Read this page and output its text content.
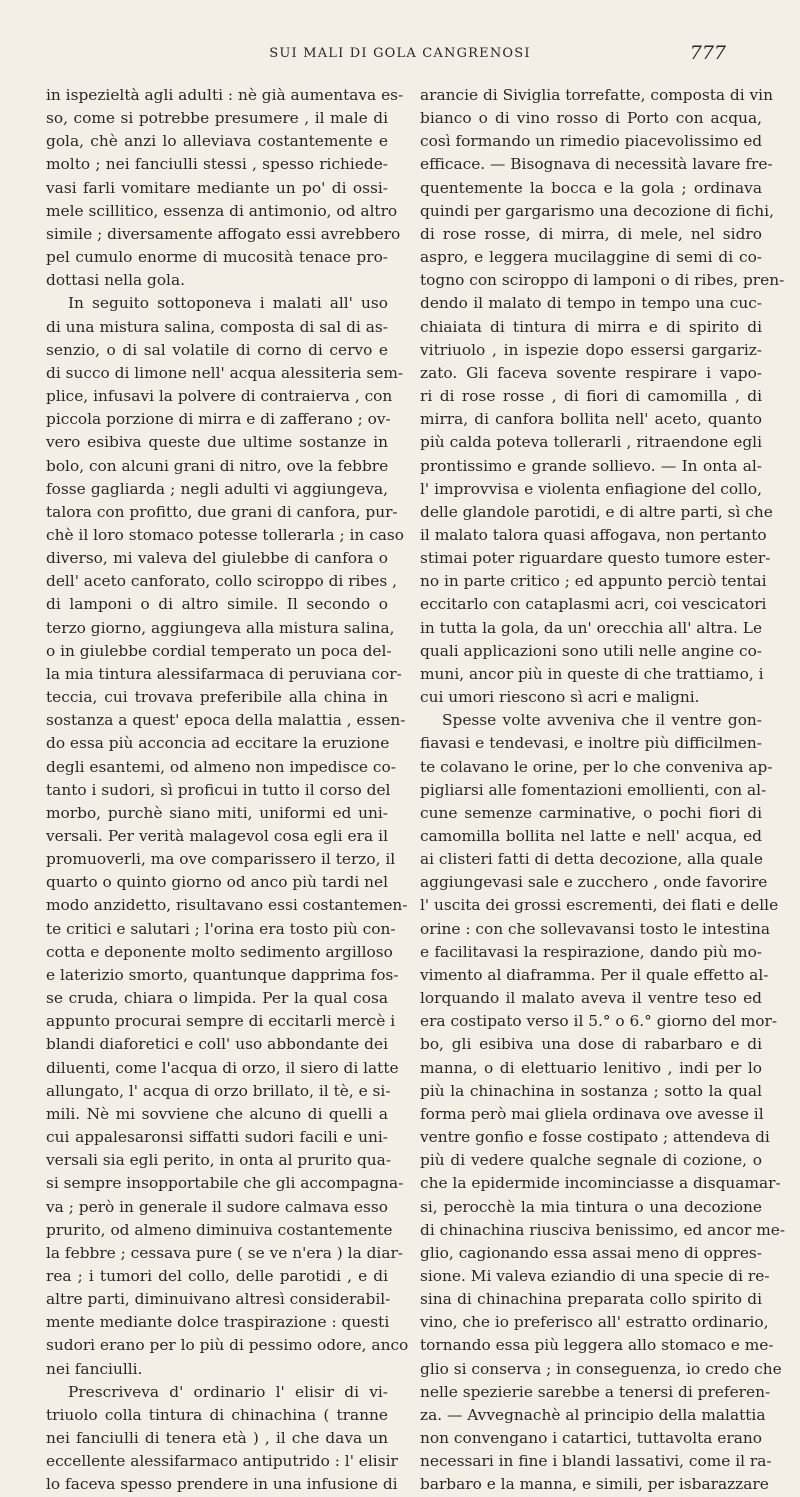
SUI MALI DI GOLA CANGRENOSI	777

in ispezieltà agli adulti : nè già aumentava es-
so, come si potrebbe presumere , il male di
gola, chè anzi lo alleviava costantemente e
molto ; nei fanciulli stessi , spesso richiede-
vasi farli vomitare mediante un po' di ossi-
mele scillitico, essenza di antimonio, od altro
simile ; diversamente affogato essi avrebbero
pel cumulo enorme di mucosità tenace pro-
dottasi nella gola.

In seguito sottoponeva i malati all' uso
di una mistura salina, composta di sal di as-
senzio, o di sal volatile di corno di cervo e
di succo di limone nell' acqua alessiteria sem-
plice, infusavi la polvere di contraierva , con
piccola porzione di mirra e di zafferano ; ov-
vero esibiva queste due ultime sostanze in
bolo, con alcuni grani di nitro, ove la febbre
fosse gagliarda ; negli adulti vi aggiungeva,
talora con profitto, due grani di canfora, pur-
chè il loro stomaco potesse tollerarla ; in caso
diverso, mi valeva del giulebbe di canfora o
dell' aceto canforato, collo sciroppo di ribes ,
di lamponi o di altro simile. Il secondo o
terzo giorno, aggiungeva alla mistura salina,
o in giulebbe cordial temperato un poca del-
la mia tintura alessifarmaca di peruviana cor-
teccia, cui trovava preferibile alla china in
sostanza a quest' epoca della malattia , essen-
do essa più acconcia ad eccitare la eruzione
degli esantemi, od almeno non impedisce co-
tanto i sudori, sì proficui in tutto il corso del
morbo, purchè siano miti, uniformi ed uni-
versali. Per verità malagevol cosa egli era il
promuoverli, ma ove comparissero il terzo, il
quarto o quinto giorno od anco più tardi nel
modo anzidetto, risultavano essi costantemen-
te critici e salutari ; l'orina era tosto più con-
cotta e deponente molto sedimento argilloso
e laterizio smorto, quantunque dapprima fos-
se cruda, chiara o limpida. Per la qual cosa
appunto procurai sempre di eccitarli mercè i
blandi diaforetici e coll' uso abbondante dei
diluenti, come l'acqua di orzo, il siero di latte
allungato, l' acqua di orzo brillato, il tè, e si-
mili. Nè mi sovviene che alcuno di quelli a
cui appalesaronsi siffatti sudori facili e uni-
versali sia egli perito, in onta al prurito qua-
si sempre insopportabile che gli accompagna-
va ; però in generale il sudore calmava esso
prurito, od almeno diminuiva costantemente
la febbre ; cessava pure ( se ve n'era ) la diar-
rea ; i tumori del collo, delle parotidi , e di
altre parti, diminuivano altresì considerabil-
mente mediante dolce traspirazione : questi
sudori erano per lo più di pessimo odore, anco
nei fanciulli.

Prescriveva d' ordinario l' elisir di vi-
triuolo colla tintura di chinachina ( tranne
nei fanciulli di tenera età ) , il che dava un
eccellente alessifarmaco antiputrido : l' elisir
lo faceva spesso prendere in una infusione di

arancie di Siviglia torrefatte, composta di vin
bianco o di vino rosso di Porto con acqua,
così formando un rimedio piacevolissimo ed
efficace. — Bisognava di necessità lavare fre-
quentemente la bocca e la gola ; ordinava
quindi per gargarismo una decozione di fichi,
di rose rosse, di mirra, di mele, nel sidro
aspro, e leggera mucilaggine di semi di co-
togno con sciroppo di lamponi o di ribes, pren-
dendo il malato di tempo in tempo una cuc-
chiaiata di tintura di mirra e di spirito di
vitriuolo , in ispezie dopo essersi gargariz-
zato. Gli faceva sovente respirare i vapo-
ri di rose rosse , di fiori di camomilla , di
mirra, di canfora bollita nell' aceto, quanto
più calda poteva tollerarli , ritraendone egli
prontissimo e grande sollievo. — In onta al-
l' improvvisa e violenta enfiagione del collo,
delle glandole parotidi, e di altre parti, sì che
il malato talora quasi affogava, non pertanto
stimai poter riguardare questo tumore ester-
no in parte critico ; ed appunto perciò tentai
eccitarlo con cataplasmi acri, coi vescicatori
in tutta la gola, da un' orecchia all' altra. Le
quali applicazioni sono utili nelle angine co-
muni, ancor più in queste di che trattiamo, i
cui umori riescono sì acri e maligni.

Spesse volte avveniva che il ventre gon-
fiavasi e tendevasi, e inoltre più difficilmen-
te colavano le orine, per lo che conveniva ap-
pigliarsi alle fomentazioni emollienti, con al-
cune semenze carminative, o pochi fiori di
camomilla bollita nel latte e nell' acqua, ed
ai clisteri fatti di detta decozione, alla quale
aggiungevasi sale e zucchero , onde favorire
l' uscita dei grossi escrementi, dei flati e delle
orine : con che sollevavansi tosto le intestina
e facilitavasi la respirazione, dando più mo-
vimento al diaframma. Per il quale effetto al-
lorquando il malato aveva il ventre teso ed
era costipato verso il 5.° o 6.° giorno del mor-
bo, gli esibiva una dose di rabarbaro e di
manna, o di elettuario lenitivo , indi per lo
più la chinachina in sostanza ; sotto la qual
forma però mai gliela ordinava ove avesse il
ventre gonfio e fosse costipato ; attendeva di
più di vedere qualche segnale di cozione, o
che la epidermide incominciasse a disquamar-
si, perocchè la mia tintura o una decozione
di chinachina riusciva benissimo, ed ancor me-
glio, cagionando essa assai meno di oppres-
sione. Mi valeva eziandio di una specie di re-
sina di chinachina preparata collo spirito di
vino, che io preferisco all' estratto ordinario,
tornando essa più leggera allo stomaco e me-
glio si conserva ; in conseguenza, io credo che
nelle spezierie sarebbe a tenersi di preferen-
za. — Avvegnachè al principio della malattia
non convengano i catartici, tuttavolta erano
necessari in fine i blandi lassativi, come il ra-
barbaro e la manna, e simili, per isbarazzare
